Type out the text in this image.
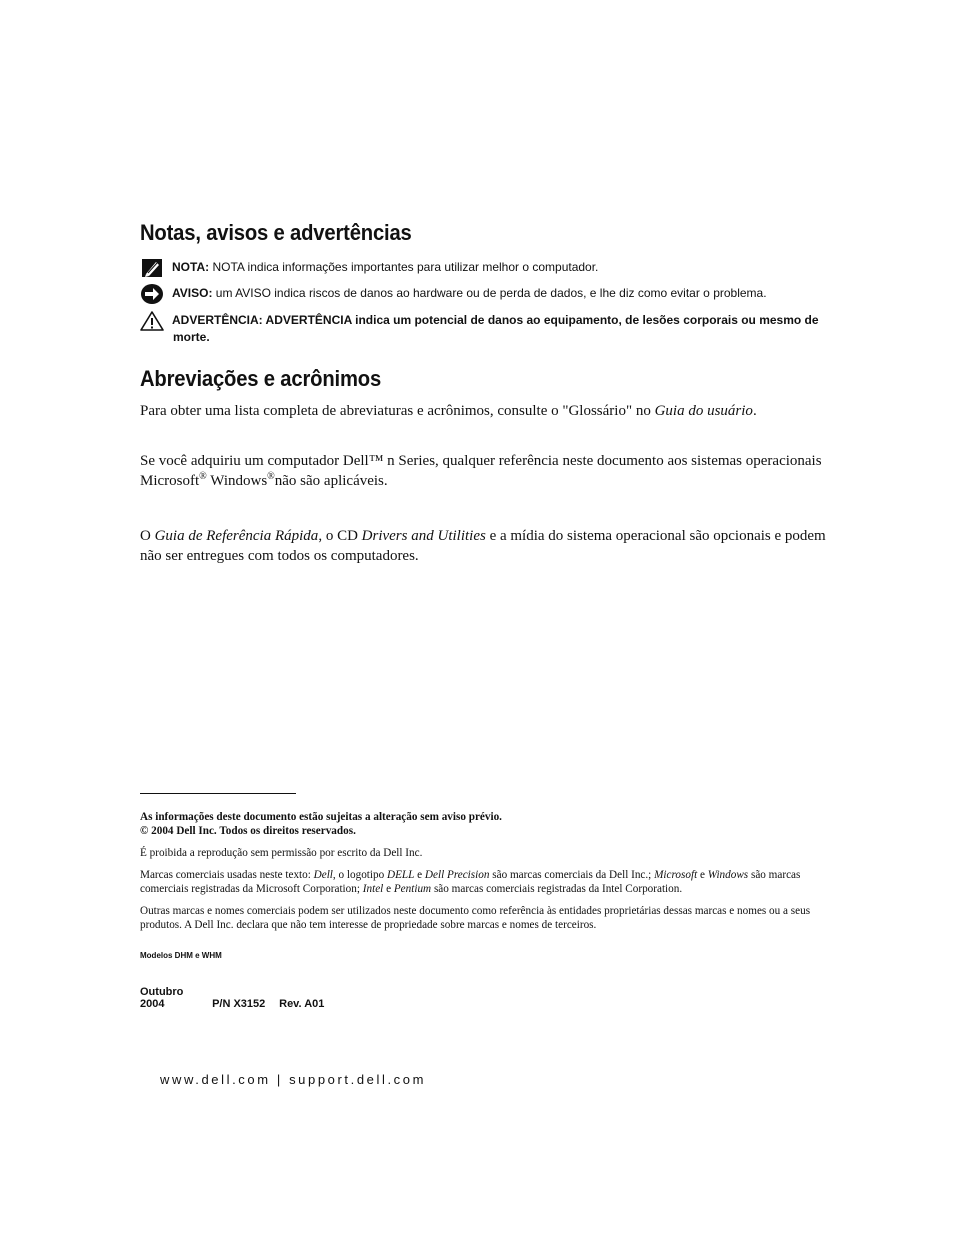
Notas, avisos e advertências
NOTA: NOTA indica informações importantes para utilizar melhor o computador.
AVISO: um AVISO indica riscos de danos ao hardware ou de perda de dados, e lhe diz como evitar o problema.
ADVERTÊNCIA: ADVERTÊNCIA indica um potencial de danos ao equipamento, de lesões corporais ou mesmo de
morte.
Abreviações e acrônimos

Para obter uma lista completa de abreviaturas e acrônimos, consulte o "Glossário" no Guia do usuário.

Se você adquiriu um computador Dell™ n Series, qualquer referência neste documento aos sistemas operacionais Microsoft® Windows®não são aplicáveis.

O Guia de Referência Rápida, o CD Drivers and Utilities e a mídia do sistema operacional são opcionais e podem não ser entregues com todos os computadores.

As informações deste documento estão sujeitas a alteração sem aviso prévio.
© 2004 Dell Inc. Todos os direitos reservados.

É proibida a reprodução sem permissão por escrito da Dell Inc.

Marcas comerciais usadas neste texto: Dell, o logotipo DELL e Dell Precision são marcas comerciais da Dell Inc.; Microsoft e Windows são marcas comerciais registradas da Microsoft Corporation; Intel e Pentium são marcas comerciais registradas da Intel Corporation.

Outras marcas e nomes comerciais podem ser utilizados neste documento como referência às entidades proprietárias dessas marcas e nomes ou a seus produtos. A Dell Inc. declara que não tem interesse de propriedade sobre marcas e nomes de terceiros.

Modelos DHM e WHM
Outubro 2004	P/N X3152 Rev. A01
www.dell.com | support.dell.com
